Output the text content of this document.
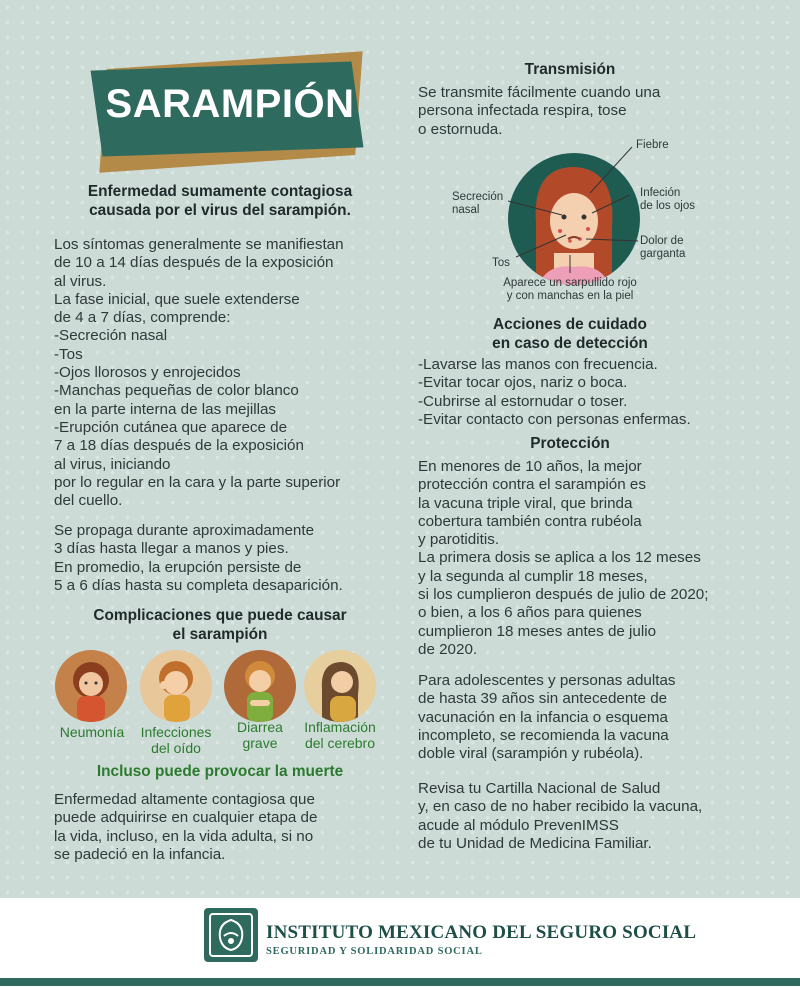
SARAMPIÓN
Enfermedad sumamente contagiosa
causada por el virus del sarampión.
Los síntomas generalmente se manifiestan
de 10 a 14 días después de la exposición
al virus.
La fase inicial, que suele extenderse
de 4 a 7 días, comprende:
-Secreción nasal
-Tos
-Ojos llorosos y enrojecidos
-Manchas pequeñas de color blanco
en la parte interna de las mejillas
-Erupción cutánea que aparece de
7 a 18 días después de la exposición
al virus, iniciando
por lo regular en la cara y la parte superior
del cuello.
Se propaga durante aproximadamente
3 días hasta llegar a manos y pies.
En promedio, la erupción persiste de
5 a 6 días hasta su completa desaparición.
Complicaciones que puede causar
el sarampión
Neumonía	Infecciones
del oído
Diarrea
grave
Inflamación
del cerebro
Incluso puede provocar la muerte
Enfermedad altamente contagiosa que
puede adquirirse en cualquier etapa de
la vida, incluso, en la vida adulta, si no
se padeció en la infancia.
Transmisión
Se transmite fácilmente cuando una
persona infectada respira, tose
o estornuda.
Fiebre
Secreción
nasal
Infeción
de los ojos
Dolor de
garganta
Tos
Aparece un sarpullido rojo
y con manchas en la piel
Acciones de cuidado
en caso de detección
-Lavarse las manos con frecuencia.
-Evitar tocar ojos, nariz o boca.
-Cubrirse al estornudar o toser.
-Evitar contacto con personas enfermas.
Protección
En menores de 10 años, la mejor
protección contra el sarampión es
la vacuna triple viral, que brinda
cobertura también contra rubéola
y parotiditis.
La primera dosis se aplica a los 12 meses
y la segunda al cumplir 18 meses,
si los cumplieron después de julio de 2020;
o bien, a los 6 años para quienes
cumplieron 18 meses antes de julio
de 2020.
Para adolescentes y personas adultas
de hasta 39 años sin antecedente de
vacunación en la infancia o esquema
incompleto, se recomienda la vacuna
doble viral (sarampión y rubéola).
Revisa tu Cartilla Nacional de Salud
y, en caso de no haber recibido la vacuna,
acude al módulo PrevenIMSS
de tu Unidad de Medicina Familiar.
INSTITUTO MEXICANO DEL SEGURO SOCIAL
SEGURIDAD Y SOLIDARIDAD SOCIAL
